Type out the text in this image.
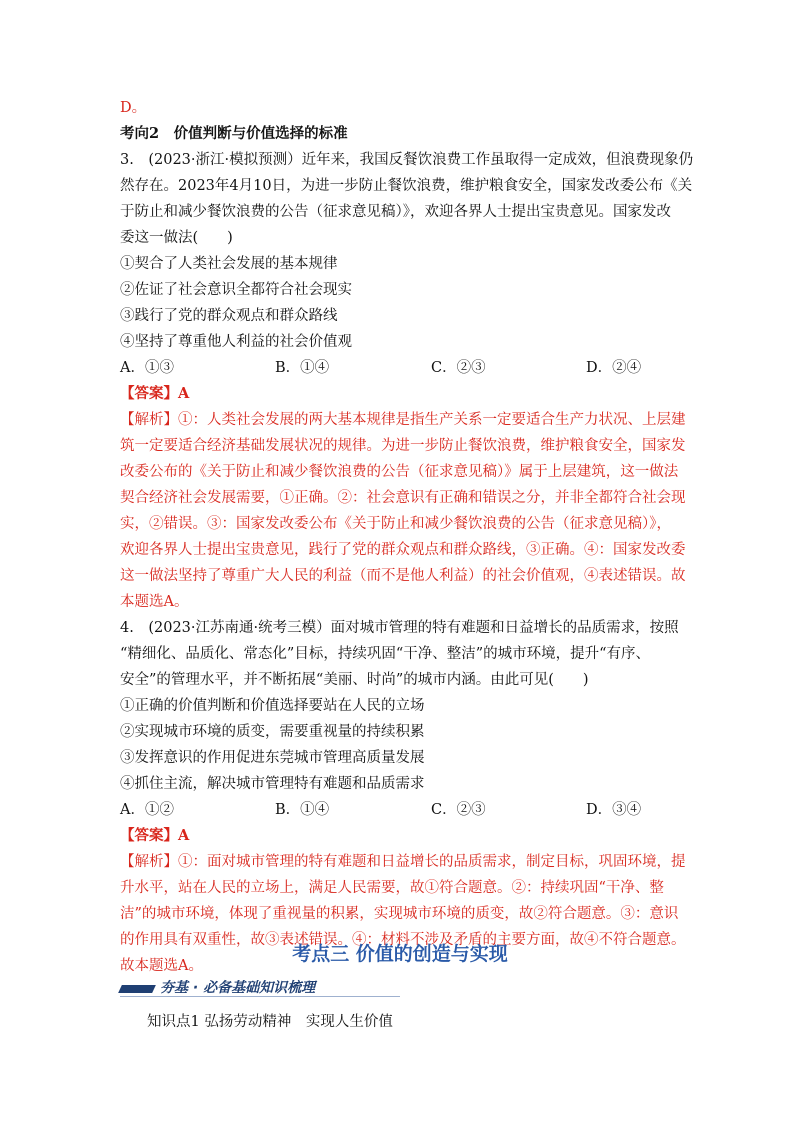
D。
考向2　价值判断与价值选择的标准
3.　(2023·浙江·模拟预测）近年来，我国反餐饮浪费工作虽取得一定成效，但浪费现象仍
然存在。2023年4月10日，为进一步防止餐饮浪费，维护粮食安全，国家发改委公布《关
于防止和减少餐饮浪费的公告（征求意见稿）》，欢迎各界人士提出宝贵意见。国家发改
委这一做法(　　)
①契合了人类社会发展的基本规律
②佐证了社会意识全都符合社会现实
③践行了党的群众观点和群众路线
④坚持了尊重他人利益的社会价值观
A．①③	B．①④	C．②③	D．②④
【答案】A
【解析】①：人类社会发展的两大基本规律是指生产关系一定要适合生产力状况、上层建
筑一定要适合经济基础发展状况的规律。为进一步防止餐饮浪费，维护粮食安全，国家发
改委公布的《关于防止和减少餐饮浪费的公告（征求意见稿）》属于上层建筑，这一做法
契合经济社会发展需要，①正确。②：社会意识有正确和错误之分，并非全都符合社会现
实，②错误。③：国家发改委公布《关于防止和减少餐饮浪费的公告（征求意见稿）》，
欢迎各界人士提出宝贵意见，践行了党的群众观点和群众路线，③正确。④：国家发改委
这一做法坚持了尊重广大人民的利益（而不是他人利益）的社会价值观，④表述错误。故
本题选A。
4.　(2023·江苏南通·统考三模）面对城市管理的特有难题和日益增长的品质需求，按照
“精细化、品质化、常态化”目标，持续巩固“干净、整洁”的城市环境，提升“有序、
安全”的管理水平，并不断拓展“美丽、时尚”的城市内涵。由此可见(　　)
①正确的价值判断和价值选择要站在人民的立场
②实现城市环境的质变，需要重视量的持续积累
③发挥意识的作用促进东莞城市管理高质量发展
④抓住主流，解决城市管理特有难题和品质需求
A．①②	B．①④	C．②③	D．③④
【答案】A
【解析】①：面对城市管理的特有难题和日益增长的品质需求，制定目标，巩固环境，提
升水平，站在人民的立场上，满足人民需要，故①符合题意。②：持续巩固“干净、整
洁”的城市环境，体现了重视量的积累，实现城市环境的质变，故②符合题意。③：意识
的作用具有双重性，故③表述错误。④：材料不涉及矛盾的主要方面，故④不符合题意。
故本题选A。
考点三 价值的创造与实现
夯基 · 必备基础知识梳理
知识点1 弘扬劳动精神　实现人生价值
